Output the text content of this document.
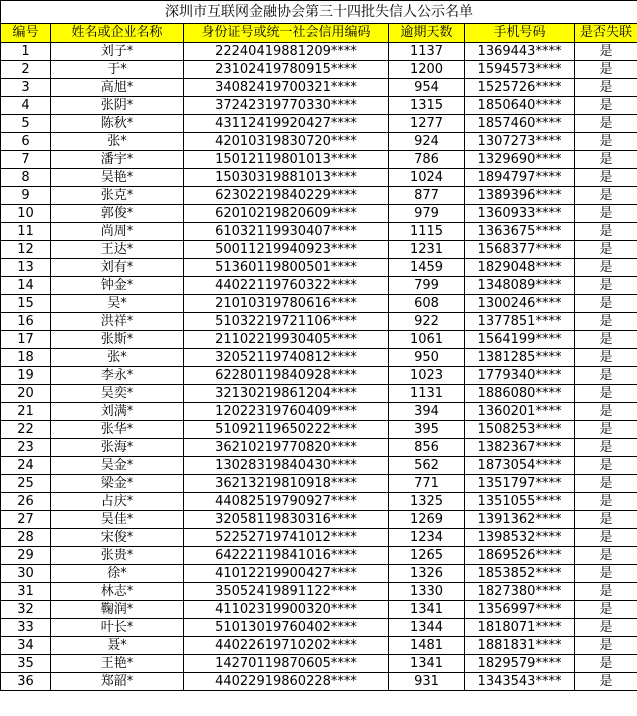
深圳市互联网金融协会第三十四批失信人公示名单					
编号	姓名或企业名称	身份证号或统一社会信用编码	逾期天数	手机号码	是否失联
1	刘子*	22240419881209****	1137	1369443****	是
2	于*	23102419780915****	1200	1594573****	是
3	高旭*	34082419700321****	954	1525726****	是
4	张阴*	37242319770330****	1315	1850640****	是
5	陈秋*	43112419920427****	1277	1857460****	是
6	张*	42010319830720****	924	1307273****	是
7	潘宇*	15012119801013****	786	1329690****	是
8	吴艳*	15030319881013****	1024	1894797****	是
9	张克*	62302219840229****	877	1389396****	是
10	郭俊*	62010219820609****	979	1360933****	是
11	尚周*	61032119930407****	1115	1363675****	是
12	王达*	50011219940923****	1231	1568377****	是
13	刘有*	51360119800501****	1459	1829048****	是
14	钟金*	44022119760322****	799	1348089****	是
15	吴*	21010319780616****	608	1300246****	是
16	洪祥*	51032219721106****	922	1377851****	是
17	张斯*	21102219930405****	1061	1564199****	是
18	张*	32052119740812****	950	1381285****	是
19	李永*	62280119840928****	1023	1779340****	是
20	吴奕*	32130219861204****	1131	1886080****	是
21	刘满*	12022319760409****	394	1360201****	是
22	张华*	51092119650222****	395	1508253****	是
23	张海*	36210219770820****	856	1382367****	是
24	吴金*	13028319840430****	562	1873054****	是
25	梁金*	36213219810918****	771	1351797****	是
26	占庆*	44082519790927****	1325	1351055****	是
27	吴佳*	32058119830316****	1269	1391362****	是
28	宋俊*	52252719741012****	1234	1398532****	是
29	张贵*	64222119841016****	1265	1869526****	是
30	徐*	41012219900427****	1326	1853852****	是
31	林志*	35052419891122****	1330	1827380****	是
32	鞠润*	41102319900320****	1341	1356997****	是
33	叶长*	51013019760402****	1344	1818071****	是
34	聂*	44022619710202****	1481	1881831****	是
35	王艳*	14270119870605****	1341	1829579****	是
36	郑韶*	44022919860228****	931	1343543****	是
